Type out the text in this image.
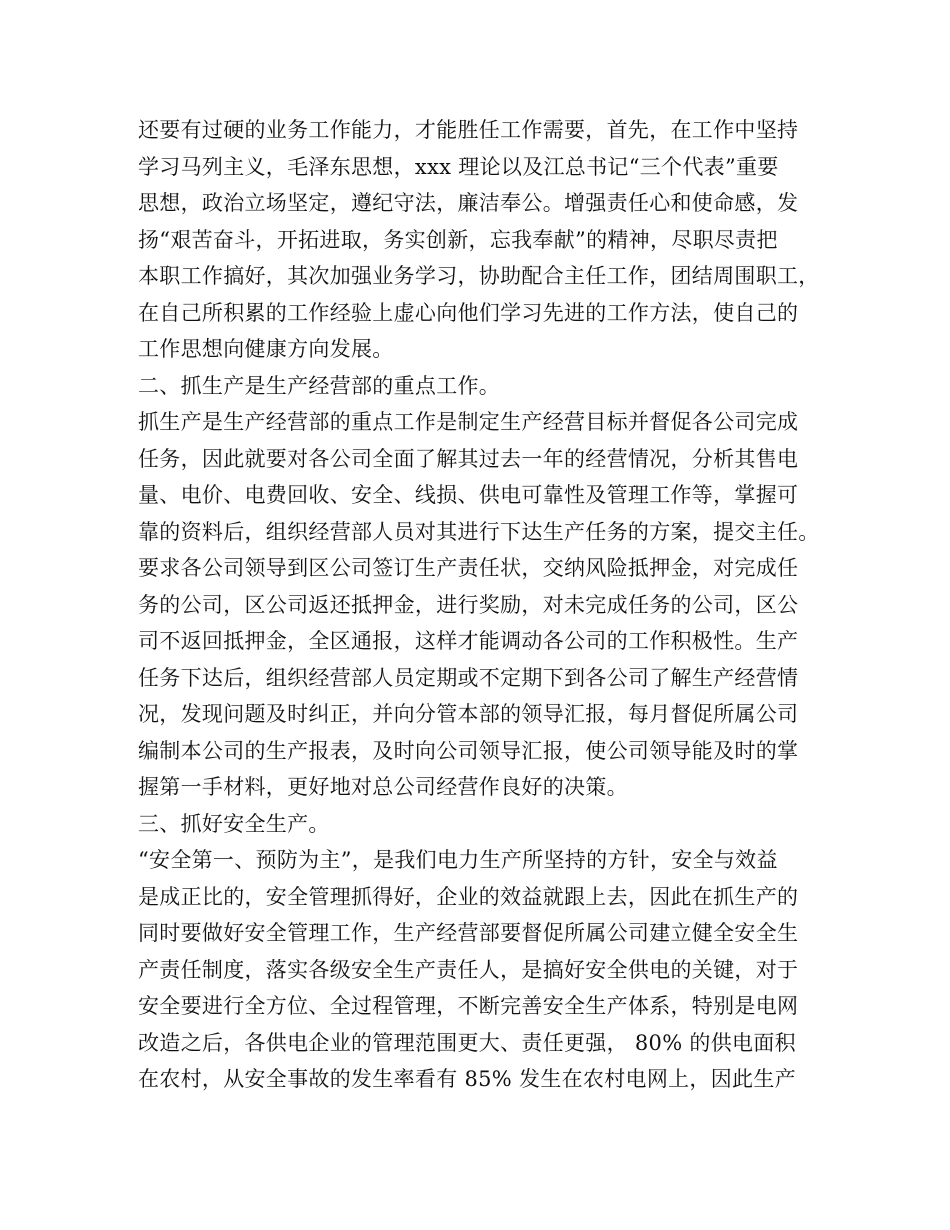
还要有过硬的业务工作能力，才能胜任工作需要，首先，在工作中坚持
学习马列主义，毛泽东思想，xxx 理论以及江总书记“三个代表”重要
思想，政治立场坚定，遵纪守法，廉洁奉公。增强责任心和使命感，发
扬“艰苦奋斗，开拓进取，务实创新，忘我奉献”的精神，尽职尽责把
本职工作搞好，其次加强业务学习，协助配合主任工作，团结周围职工，
在自己所积累的工作经验上虚心向他们学习先进的工作方法，使自己的
工作思想向健康方向发展。
二、抓生产是生产经营部的重点工作。
抓生产是生产经营部的重点工作是制定生产经营目标并督促各公司完成
任务，因此就要对各公司全面了解其过去一年的经营情况，分析其售电
量、电价、电费回收、安全、线损、供电可靠性及管理工作等，掌握可
靠的资料后，组织经营部人员对其进行下达生产任务的方案，提交主任。
要求各公司领导到区公司签订生产责任状，交纳风险抵押金，对完成任
务的公司，区公司返还抵押金，进行奖励，对未完成任务的公司，区公
司不返回抵押金，全区通报，这样才能调动各公司的工作积极性。生产
任务下达后，组织经营部人员定期或不定期下到各公司了解生产经营情
况，发现问题及时纠正，并向分管本部的领导汇报，每月督促所属公司
编制本公司的生产报表，及时向公司领导汇报，使公司领导能及时的掌
握第一手材料，更好地对总公司经营作良好的决策。
三、抓好安全生产。
“安全第一、预防为主”，是我们电力生产所坚持的方针，安全与效益
是成正比的，安全管理抓得好，企业的效益就跟上去，因此在抓生产的
同时要做好安全管理工作，生产经营部要督促所属公司建立健全安全生
产责任制度，落实各级安全生产责任人，是搞好安全供电的关键，对于
安全要进行全方位、全过程管理，不断完善安全生产体系，特别是电网
改造之后，各供电企业的管理范围更大、责任更强， 80% 的供电面积
在农村，从安全事故的发生率看有 85% 发生在农村电网上，因此生产
